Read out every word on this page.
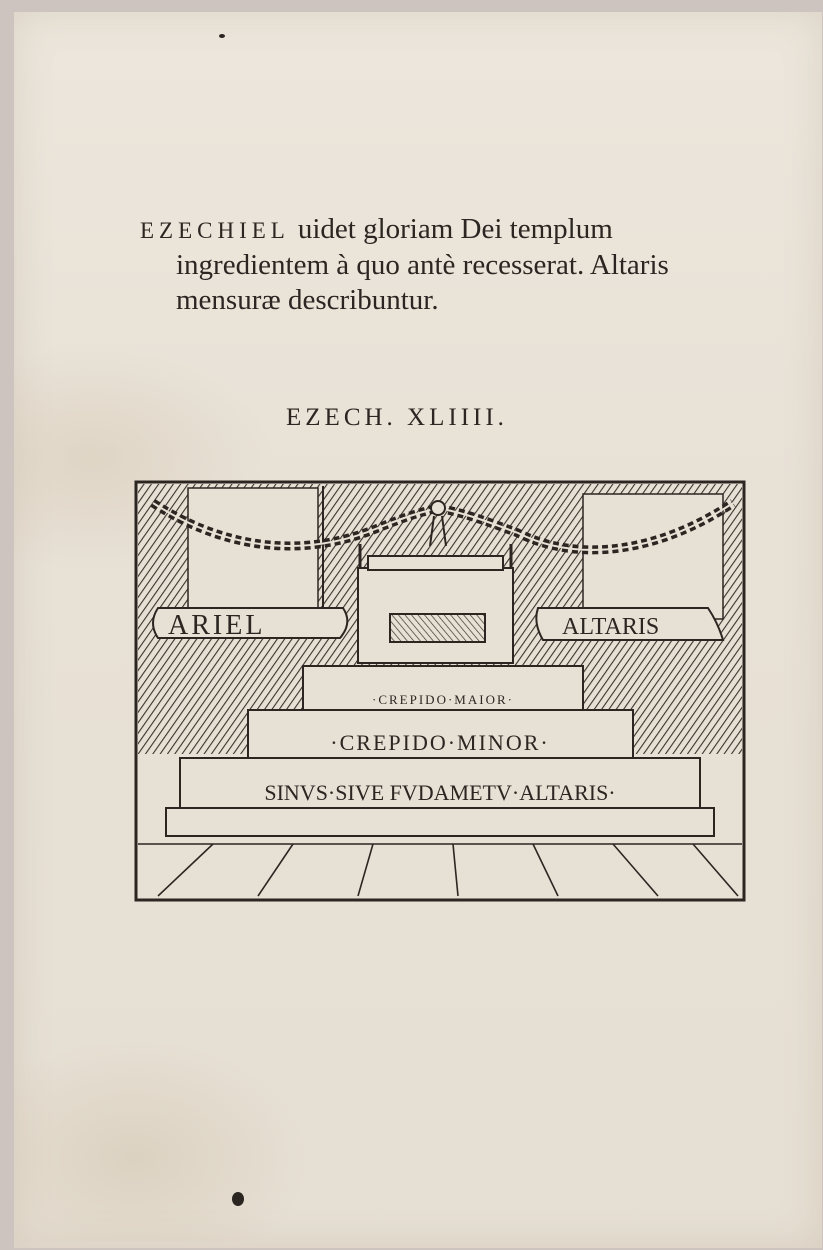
EZECHIEL uidet gloriam Dei templum
ingredientem à quo antè recesserat. Altaris
mensuræ describuntur.
EZECH. XLIIII.
ARIEL	ALTARIS
·CREPIDO·MAIOR·
·CREPIDO·MINOR·
SINVS·SIVE FVDAMETV·ALTARIS·
